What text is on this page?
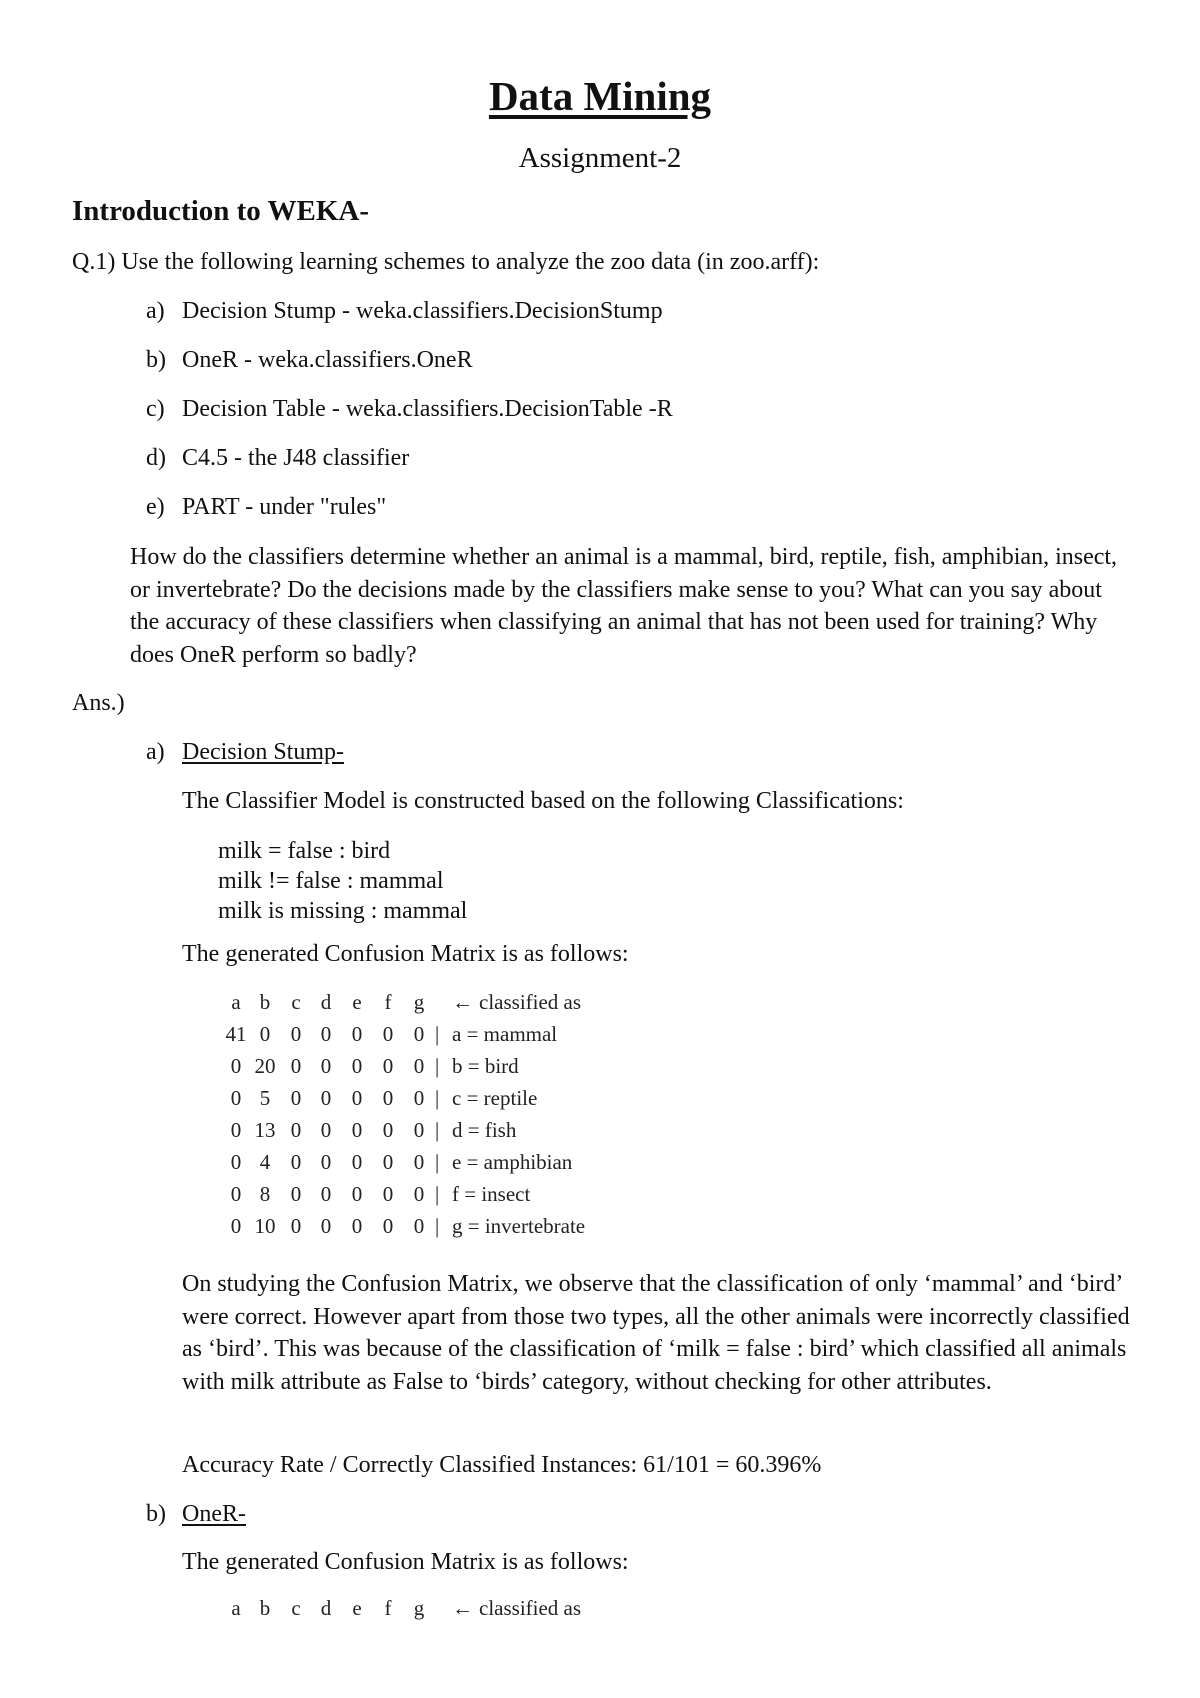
Data Mining
Assignment-2
Introduction to WEKA-
Q.1) Use the following learning schemes to analyze the zoo data (in zoo.arff):
a) Decision Stump - weka.classifiers.DecisionStump
b) OneR - weka.classifiers.OneR
c) Decision Table - weka.classifiers.DecisionTable -R
d) C4.5 - the J48 classifier
e) PART - under "rules"
How do the classifiers determine whether an animal is a mammal, bird, reptile, fish, amphibian, insect, or invertebrate? Do the decisions made by the classifiers make sense to you? What can you say about the accuracy of these classifiers when classifying an animal that has not been used for training? Why does OneR perform so badly?
Ans.)
a) Decision Stump-
The Classifier Model is constructed based on the following Classifications:
milk = false : bird
milk != false : mammal
milk is missing : mammal
The generated Confusion Matrix is as follows:
a b	c d	e	f	g	← classified as
41 0 0 0 0 0 0 | a = mammal
0 20 0 0 0 0 0 | b = bird
0 5 0 0 0 0 0 | c = reptile
0 13 0 0 0 0 0 | d = fish
0 4 0 0 0 0 0 | e = amphibian
0 8 0 0 0 0 0 | f = insect
0 10 0 0 0 0 0 | g = invertebrate
On studying the Confusion Matrix, we observe that the classification of only ‘mammal’ and ‘bird’ were correct. However apart from those two types, all the other animals were incorrectly classified as ‘bird’. This was because of the classification of ‘milk = false : bird’ which classified all animals with milk attribute as False to ‘birds’ category, without checking for other attributes.
Accuracy Rate / Correctly Classified Instances: 61/101 = 60.396%
b) OneR-
The generated Confusion Matrix is as follows:
a b	c d	e	f	g	← classified as
